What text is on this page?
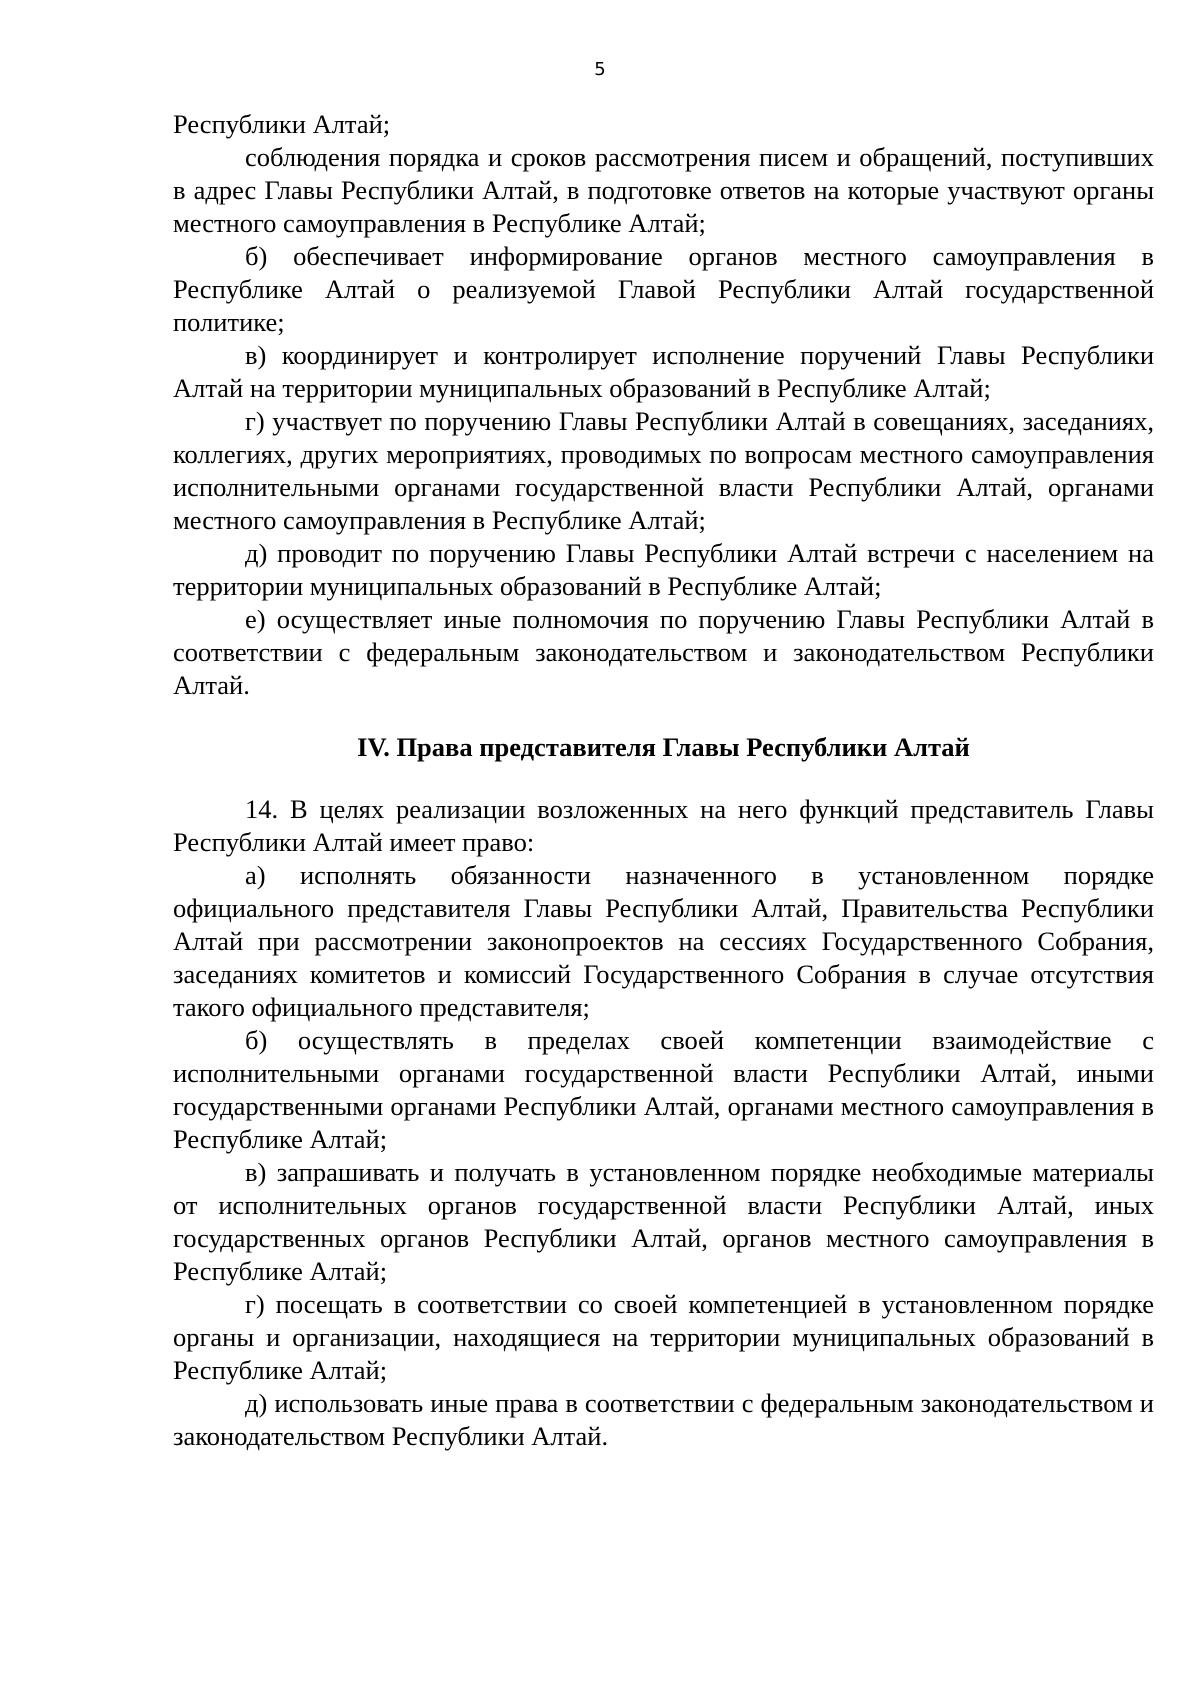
5

Республики Алтай;

соблюдения порядка и сроков рассмотрения писем и обращений, поступивших в адрес Главы Республики Алтай, в подготовке ответов на которые участвуют органы местного самоуправления в Республике Алтай;

б) обеспечивает информирование органов местного самоуправления в Республике Алтай о реализуемой Главой Республики Алтай государственной политике;

в) координирует и контролирует исполнение поручений Главы Республики Алтай на территории муниципальных образований в Республике Алтай;

г) участвует по поручению Главы Республики Алтай в совещаниях, заседаниях, коллегиях, других мероприятиях, проводимых по вопросам местного самоуправления исполнительными органами государственной власти Республики Алтай, органами местного самоуправления в Республике Алтай;

д) проводит по поручению Главы Республики Алтай встречи с населением на территории муниципальных образований в Республике Алтай;

е) осуществляет иные полномочия по поручению Главы Республики Алтай в соответствии с федеральным законодательством и законодательством Республики Алтай.

IV. Права представителя Главы Республики Алтай

14. В целях реализации возложенных на него функций представитель Главы Республики Алтай имеет право:

а) исполнять обязанности назначенного в установленном порядке официального представителя Главы Республики Алтай, Правительства Республики Алтай при рассмотрении законопроектов на сессиях Государственного Собрания, заседаниях комитетов и комиссий Государственного Собрания в случае отсутствия такого официального представителя;

б) осуществлять в пределах своей компетенции взаимодействие с исполнительными органами государственной власти Республики Алтай, иными государственными органами Республики Алтай, органами местного самоуправления в Республике Алтай;

в) запрашивать и получать в установленном порядке необходимые материалы от исполнительных органов государственной власти Республики Алтай, иных государственных органов Республики Алтай, органов местного самоуправления в Республике Алтай;

г) посещать в соответствии со своей компетенцией в установленном порядке органы и организации, находящиеся на территории муниципальных образований в Республике Алтай;

д) использовать иные права в соответствии с федеральным законодательством и законодательством Республики Алтай.
